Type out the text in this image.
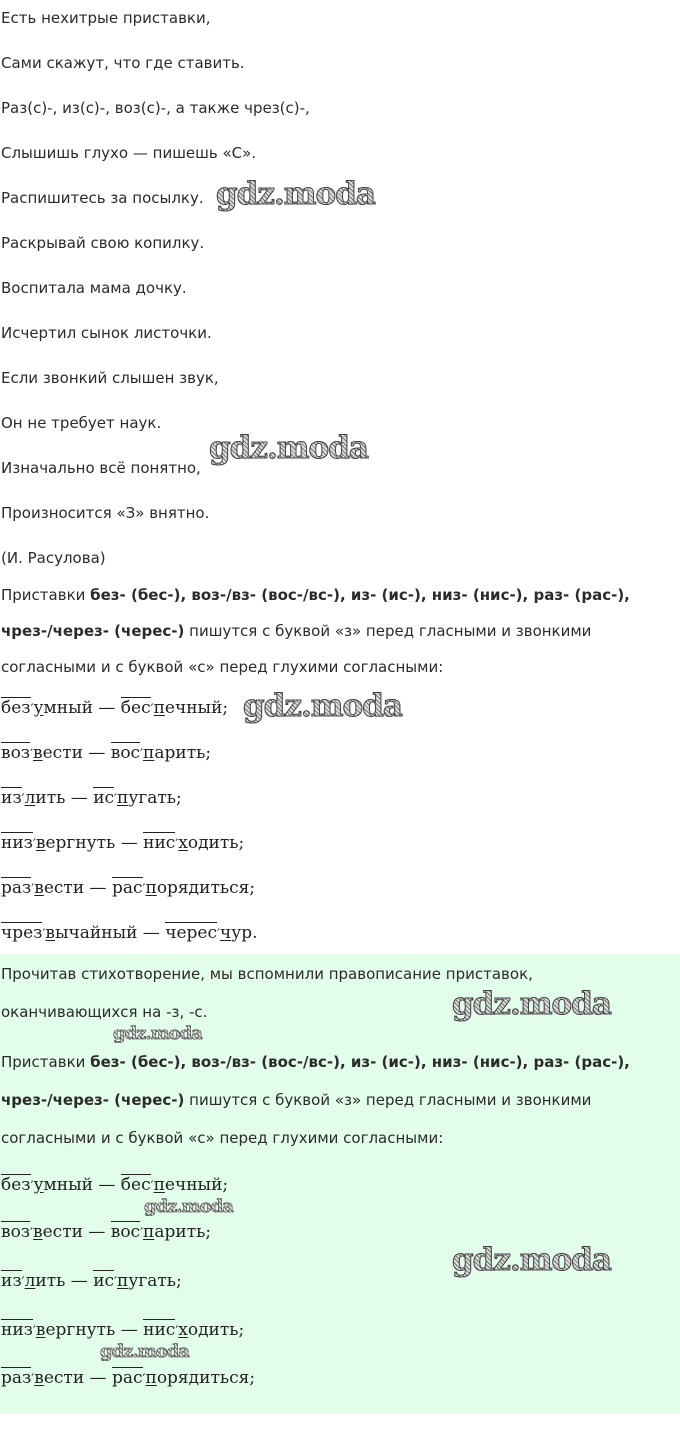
Есть нехитрые приставки,

Сами скажут, что где ставить.

Раз(с)-, из(с)-, воз(с)-, а также чрез(с)-,

Слышишь глухо — пишешь «С».

Распишитесь за посылку.

Раскрывай свою копилку.

Воспитала мама дочку.

Исчертил сынок листочки.

Если звонкий слышен звук,

Он не требует наук.

Изначально всё понятно,

Произносится «З» внятно.

(И. Расулова)

Приставки без- (бес-), воз-/вз- (вос-/вс-), из- (ис-), низ- (нис-), раз- (рас-),

чрез-/через- (черес-) пишутся с буквой «з» перед гласными и звонкими

согласными и с буквой «с» перед глухими согласными:

без′умный — бес′печный;
воз′вести — вос′парить;
из′лить — ис′пугать;
низ′вергнуть — нис′ходить;
раз′вести — рас′порядиться;
чрез′вычайный — черес′чур.

Прочитав стихотворение, мы вспомнили правописание приставок,

оканчивающихся на -з, -с.

Приставки без- (бес-), воз-/вз- (вос-/вс-), из- (ис-), низ- (нис-), раз- (рас-),

чрез-/через- (черес-) пишутся с буквой «з» перед гласными и звонкими

согласными и с буквой «с» перед глухими согласными:

без′умный — бес′печный;
воз′вести — вос′парить;
из′лить — ис′пугать;
низ′вергнуть — нис′ходить;
раз′вести — рас′порядиться;
gdz.moda
gdz.moda
gdz.moda
